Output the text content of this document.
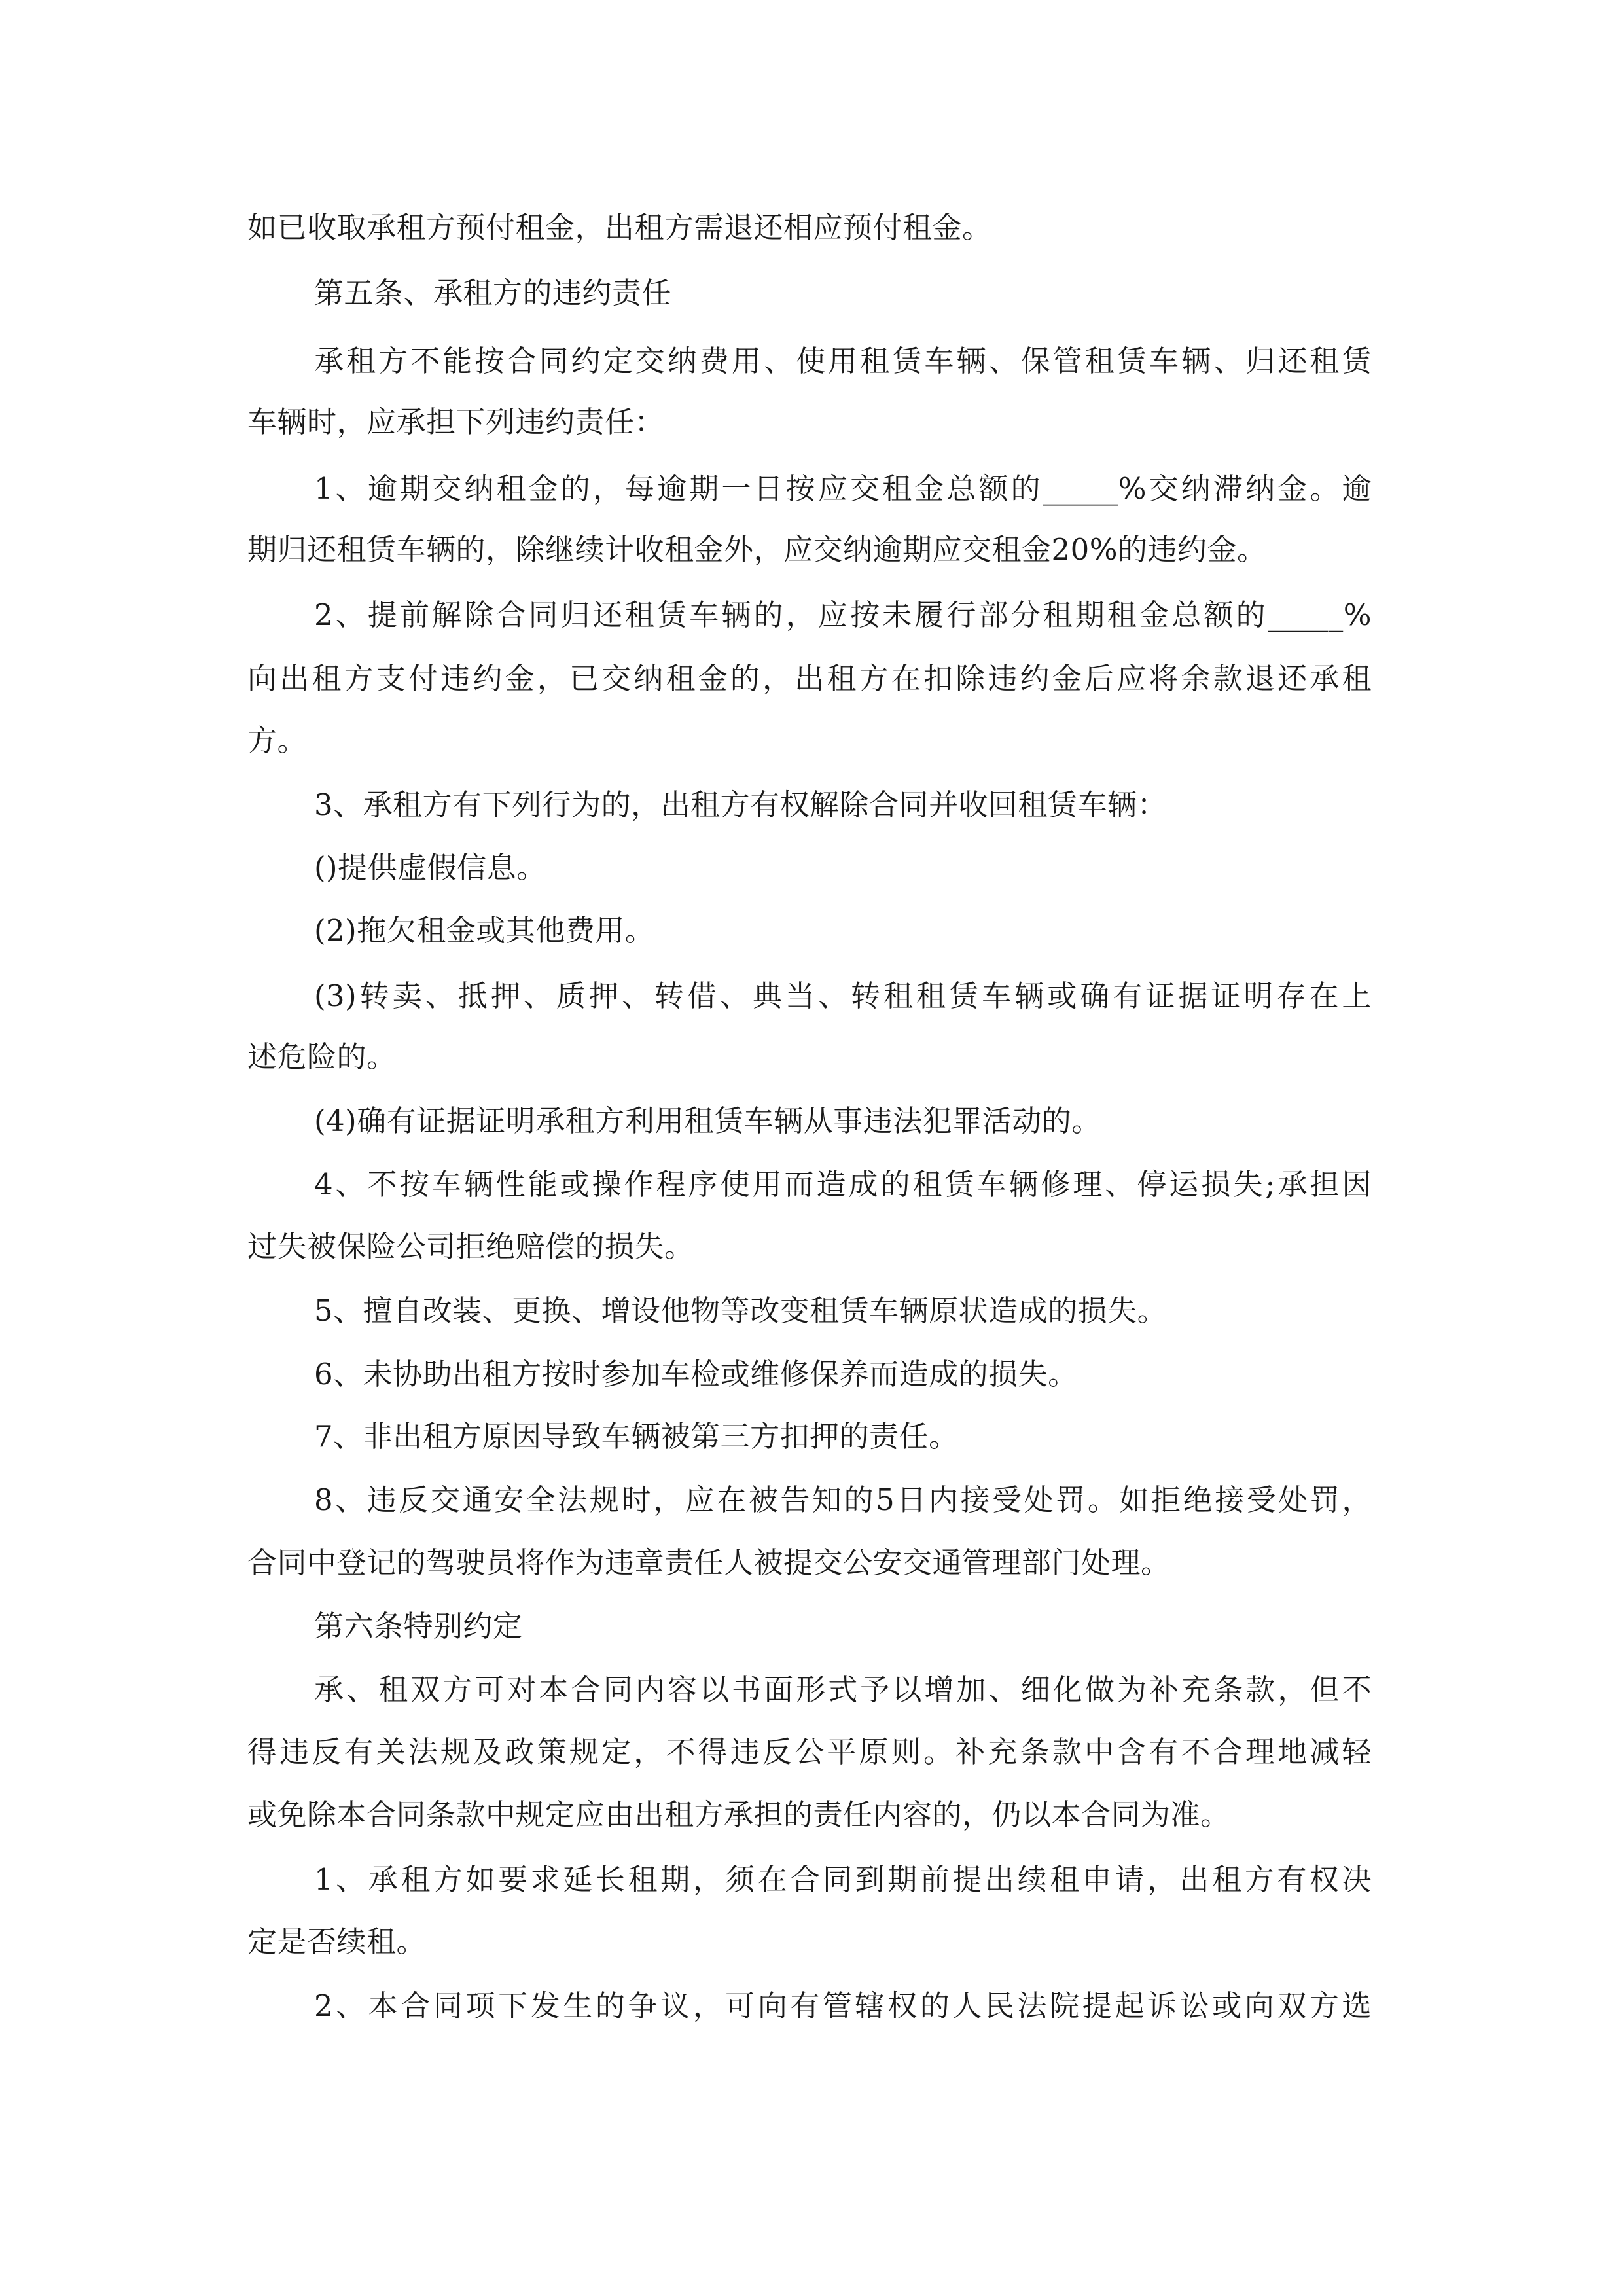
如已收取承租方预付租金，出租方需退还相应预付租金。
第五条、承租方的违约责任
承租方不能按合同约定交纳费用、使用租赁车辆、保管租赁车辆、归还租赁
车辆时，应承担下列违约责任：
1、逾期交纳租金的，每逾期一日按应交租金总额的_____%交纳滞纳金。逾
期归还租赁车辆的，除继续计收租金外，应交纳逾期应交租金20%的违约金。
2、提前解除合同归还租赁车辆的，应按未履行部分租期租金总额的_____%
向出租方支付违约金，已交纳租金的，出租方在扣除违约金后应将余款退还承租
方。
3、承租方有下列行为的，出租方有权解除合同并收回租赁车辆：
()提供虚假信息。
(2)拖欠租金或其他费用。
(3)转卖、抵押、质押、转借、典当、转租租赁车辆或确有证据证明存在上
述危险的。
(4)确有证据证明承租方利用租赁车辆从事违法犯罪活动的。
4、不按车辆性能或操作程序使用而造成的租赁车辆修理、停运损失;承担因
过失被保险公司拒绝赔偿的损失。
5、擅自改装、更换、增设他物等改变租赁车辆原状造成的损失。
6、未协助出租方按时参加车检或维修保养而造成的损失。
7、非出租方原因导致车辆被第三方扣押的责任。
8、违反交通安全法规时，应在被告知的5日内接受处罚。如拒绝接受处罚，
合同中登记的驾驶员将作为违章责任人被提交公安交通管理部门处理。
第六条特别约定
承、租双方可对本合同内容以书面形式予以增加、细化做为补充条款，但不
得违反有关法规及政策规定，不得违反公平原则。补充条款中含有不合理地减轻
或免除本合同条款中规定应由出租方承担的责任内容的，仍以本合同为准。
1、承租方如要求延长租期，须在合同到期前提出续租申请，出租方有权决
定是否续租。
2、本合同项下发生的争议，可向有管辖权的人民法院提起诉讼或向双方选
